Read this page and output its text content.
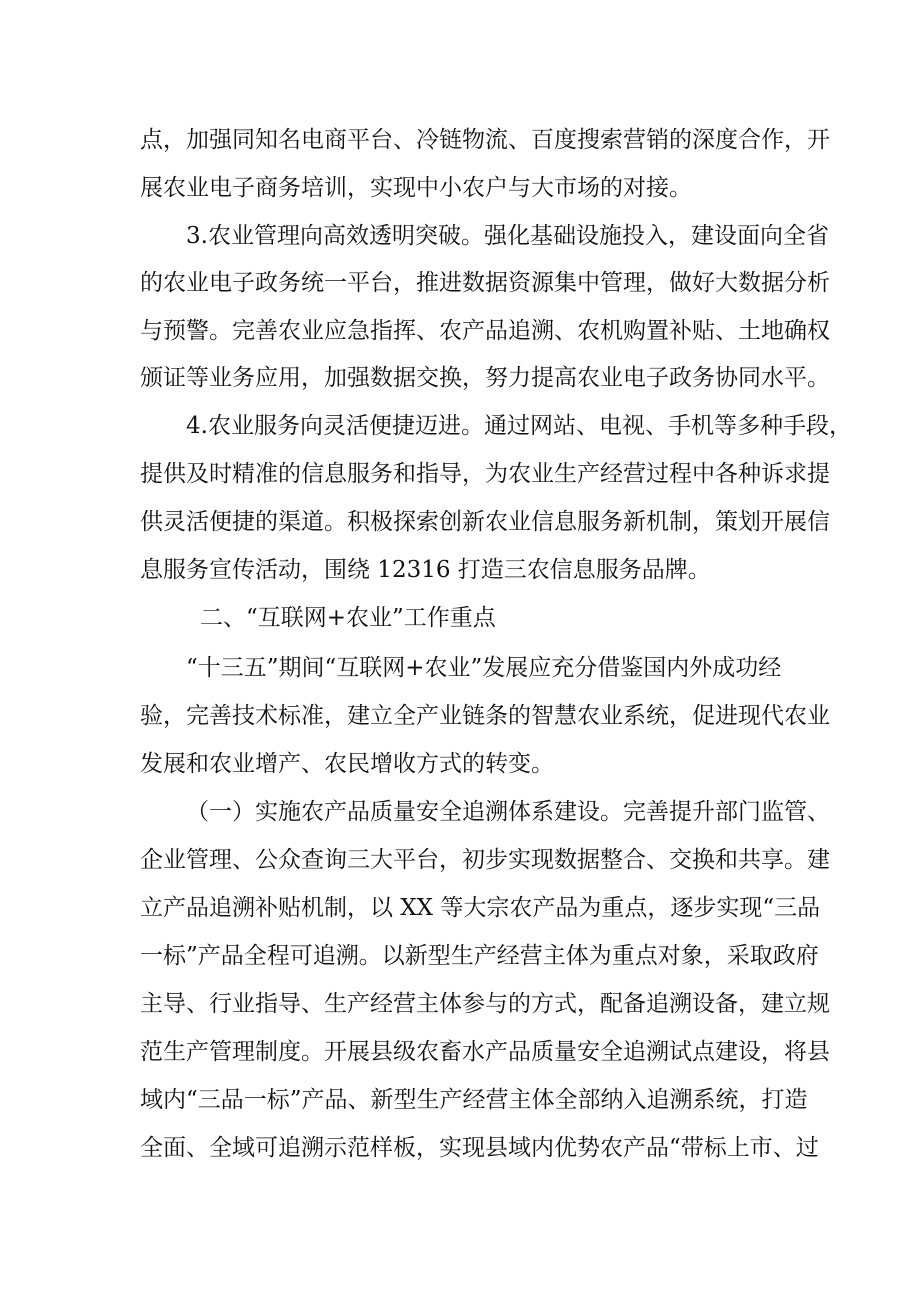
点，加强同知名电商平台、冷链物流、百度搜索营销的深度合作，开
展农业电子商务培训，实现中小农户与大市场的对接。
3.农业管理向高效透明突破。强化基础设施投入，建设面向全省
的农业电子政务统一平台，推进数据资源集中管理，做好大数据分析
与预警。完善农业应急指挥、农产品追溯、农机购置补贴、土地确权
颁证等业务应用，加强数据交换，努力提高农业电子政务协同水平。
4.农业服务向灵活便捷迈进。通过网站、电视、手机等多种手段，
提供及时精准的信息服务和指导，为农业生产经营过程中各种诉求提
供灵活便捷的渠道。积极探索创新农业信息服务新机制，策划开展信
息服务宣传活动，围绕 12316 打造三农信息服务品牌。
二、“互联网+农业”工作重点
“十三五”期间“互联网+农业”发展应充分借鉴国内外成功经
验，完善技术标准，建立全产业链条的智慧农业系统，促进现代农业
发展和农业增产、农民增收方式的转变。
（一）实施农产品质量安全追溯体系建设。完善提升部门监管、
企业管理、公众查询三大平台，初步实现数据整合、交换和共享。建
立产品追溯补贴机制，以 XX 等大宗农产品为重点，逐步实现“三品
一标”产品全程可追溯。以新型生产经营主体为重点对象，采取政府
主导、行业指导、生产经营主体参与的方式，配备追溯设备，建立规
范生产管理制度。开展县级农畜水产品质量安全追溯试点建设，将县
域内“三品一标”产品、新型生产经营主体全部纳入追溯系统，打造
全面、全域可追溯示范样板，实现县域内优势农产品“带标上市、过
